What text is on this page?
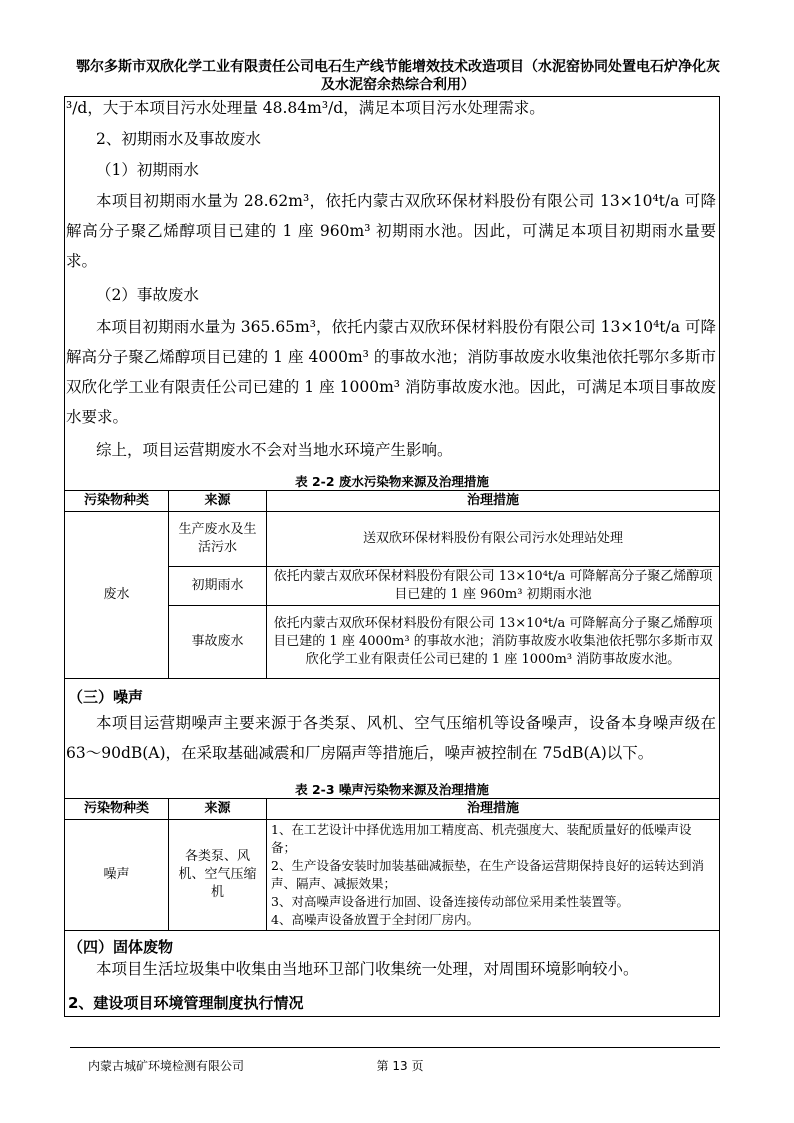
鄂尔多斯市双欣化学工业有限责任公司电石生产线节能增效技术改造项目（水泥窑协同处置电石炉净化灰
及水泥窑余热综合利用）
³/d，大于本项目污水处理量 48.84m³/d，满足本项目污水处理需求。
2、初期雨水及事故废水
（1）初期雨水
本项目初期雨水量为 28.62m³，依托内蒙古双欣环保材料股份有限公司 13×10⁴t/a 可降解高分子聚乙烯醇项目已建的 1 座 960m³ 初期雨水池。因此，可满足本项目初期雨水量要求。
（2）事故废水
本项目初期雨水量为 365.65m³，依托内蒙古双欣环保材料股份有限公司 13×10⁴t/a 可降解高分子聚乙烯醇项目已建的 1 座 4000m³ 的事故水池；消防事故废水收集池依托鄂尔多斯市双欣化学工业有限责任公司已建的 1 座 1000m³ 消防事故废水池。因此，可满足本项目事故废水要求。
综上，项目运营期废水不会对当地水环境产生影响。
表 2-2 废水污染物来源及治理措施
污染物种类	来源	治理措施
废水	生产废水及生活污水	送双欣环保材料股份有限公司污水处理站处理
	初期雨水	依托内蒙古双欣环保材料股份有限公司 13×10⁴t/a 可降解高分子聚乙烯醇项目已建的 1 座 960m³ 初期雨水池
	事故废水	依托内蒙古双欣环保材料股份有限公司 13×10⁴t/a 可降解高分子聚乙烯醇项目已建的 1 座 4000m³ 的事故水池；消防事故废水收集池依托鄂尔多斯市双欣化学工业有限责任公司已建的 1 座 1000m³ 消防事故废水池。
（三）噪声
本项目运营期噪声主要来源于各类泵、风机、空气压缩机等设备噪声，设备本身噪声级在 63～90dB(A)，在采取基础减震和厂房隔声等措施后，噪声被控制在 75dB(A)以下。
表 2-3 噪声污染物来源及治理措施
污染物种类	来源	治理措施
噪声	各类泵、风机、空气压缩机	1、在工艺设计中择优选用加工精度高、机壳强度大、装配质量好的低噪声设备；
2、生产设备安装时加装基础减振垫，在生产设备运营期保持良好的运转达到消声、隔声、减振效果；
3、对高噪声设备进行加固、设备连接传动部位采用柔性装置等。
4、高噪声设备放置于全封闭厂房内。
（四）固体废物
本项目生活垃圾集中收集由当地环卫部门收集统一处理，对周围环境影响较小。
2、建设项目环境管理制度执行情况
内蒙古城矿环境检测有限公司	第 13 页
